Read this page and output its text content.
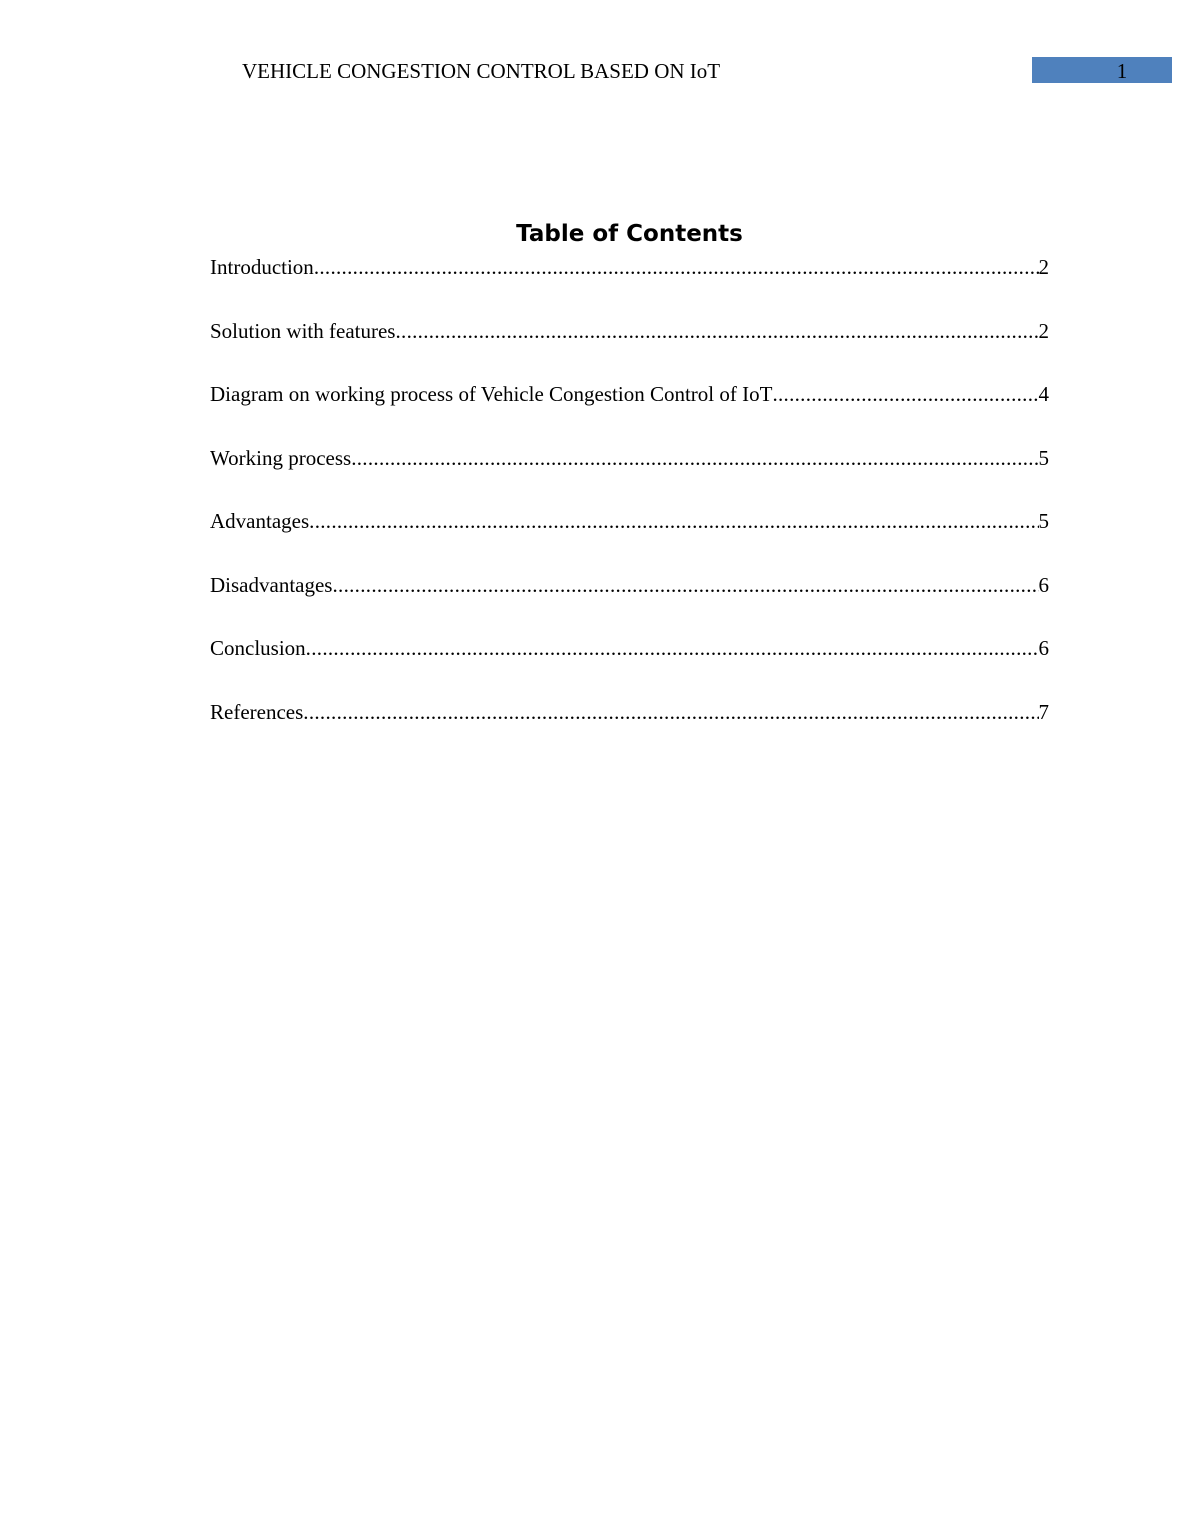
VEHICLE CONGESTION CONTROL BASED ON IoT	1
Table of Contents
Introduction .....	2
Solution with features .....	2
Diagram on working process of Vehicle Congestion Control of IoT .....	4
Working process .....	5
Advantages .....	5
Disadvantages .....	6
Conclusion .....	6
References .....	7
